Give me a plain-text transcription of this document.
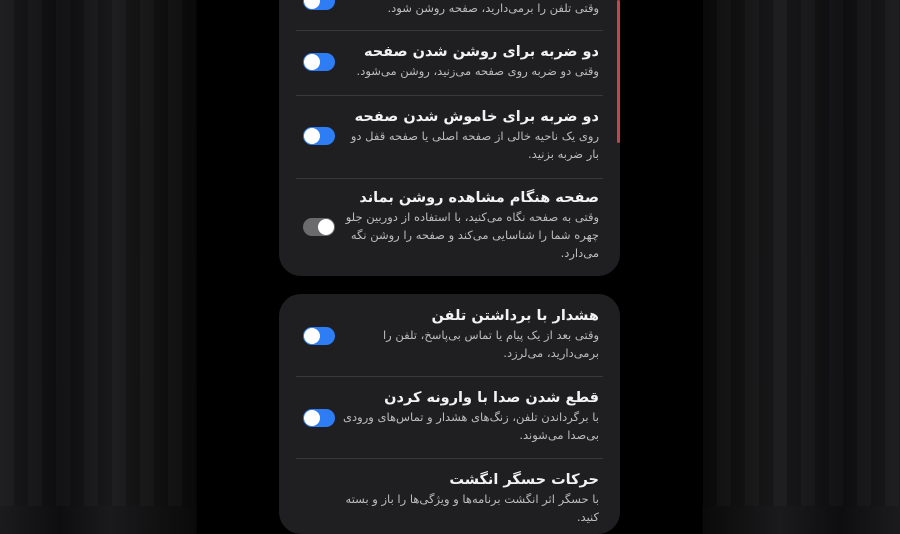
وقتی تلفن را برمی‌دارید، صفحه روشن شود.
دو ضربه برای روشن شدن صفحه
وقتی دو ضربه روی صفحه می‌زنید، روشن می‌شود.
دو ضربه برای خاموش شدن صفحه
روی یک ناحیه خالی از صفحه اصلی یا صفحه قفل دو بار ضربه بزنید.
صفحه هنگام مشاهده روشن بماند
وقتی به صفحه نگاه می‌کنید، با استفاده از دوربین جلو چهره شما را شناسایی می‌کند و صفحه را روشن نگه می‌دارد.
هشدار با برداشتن تلفن
وقتی بعد از یک پیام یا تماس بی‌پاسخ، تلفن را برمی‌دارید، می‌لرزد.
قطع شدن صدا با وارونه کردن
با برگرداندن تلفن، زنگ‌های هشدار و تماس‌های ورودی بی‌صدا می‌شوند.
حرکات حسگر انگشت
با حسگر اثر انگشت برنامه‌ها و ویژگی‌ها را باز و بسته کنید.
